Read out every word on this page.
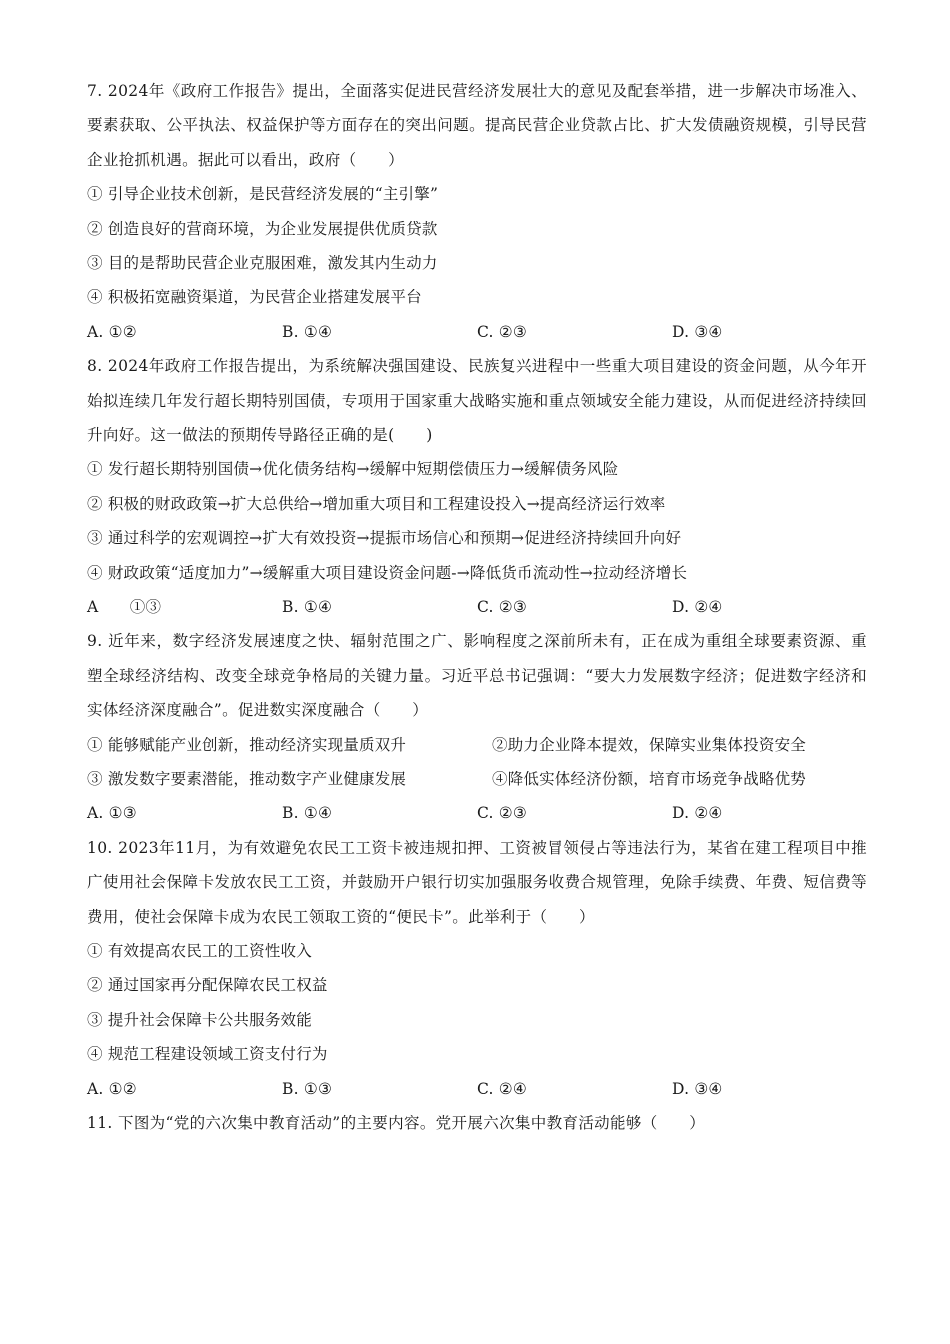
7. 2024年《政府工作报告》提出，全面落实促进民营经济发展壮大的意见及配套举措，进一步解决市场准入、要素获取、公平执法、权益保护等方面存在的突出问题。提高民营企业贷款占比、扩大发债融资规模，引导民营企业抢抓机遇。据此可以看出，政府（　　）
① 引导企业技术创新，是民营经济发展的“主引擎”
② 创造良好的营商环境，为企业发展提供优质贷款
③ 目的是帮助民营企业克服困难，激发其内生动力
④ 积极拓宽融资渠道，为民营企业搭建发展平台
A. ①②	B. ①④	C. ②③	D. ③④
8. 2024年政府工作报告提出，为系统解决强国建设、民族复兴进程中一些重大项目建设的资金问题，从今年开始拟连续几年发行超长期特别国债，专项用于国家重大战略实施和重点领域安全能力建设，从而促进经济持续回升向好。这一做法的预期传导路径正确的是(　　)
① 发行超长期特别国债→优化债务结构→缓解中短期偿债压力→缓解债务风险
② 积极的财政政策→扩大总供给→增加重大项目和工程建设投入→提高经济运行效率
③ 通过科学的宏观调控→扩大有效投资→提振市场信心和预期→促进经济持续回升向好
④ 财政政策“适度加力”→缓解重大项目建设资金问题-→降低货币流动性→拉动经济增长
A　　①③	B. ①④	C. ②③	D. ②④
9. 近年来，数字经济发展速度之快、辐射范围之广、影响程度之深前所未有，正在成为重组全球要素资源、重塑全球经济结构、改变全球竞争格局的关键力量。习近平总书记强调：“要大力发展数字经济；促进数字经济和实体经济深度融合”。促进数实深度融合（　　）
① 能够赋能产业创新，推动经济实现量质双升	②助力企业降本提效，保障实业集体投资安全
③ 激发数字要素潜能，推动数字产业健康发展	④降低实体经济份额，培育市场竞争战略优势
A. ①③	B. ①④	C. ②③	D. ②④
10. 2023年11月，为有效避免农民工工资卡被违规扣押、工资被冒领侵占等违法行为，某省在建工程项目中推广使用社会保障卡发放农民工工资，并鼓励开户银行切实加强服务收费合规管理，免除手续费、年费、短信费等费用，使社会保障卡成为农民工领取工资的“便民卡”。此举利于（　　）
① 有效提高农民工的工资性收入
② 通过国家再分配保障农民工权益
③ 提升社会保障卡公共服务效能
④ 规范工程建设领域工资支付行为
A. ①②	B. ①③	C. ②④	D. ③④
11. 下图为“党的六次集中教育活动”的主要内容。党开展六次集中教育活动能够（　　）
